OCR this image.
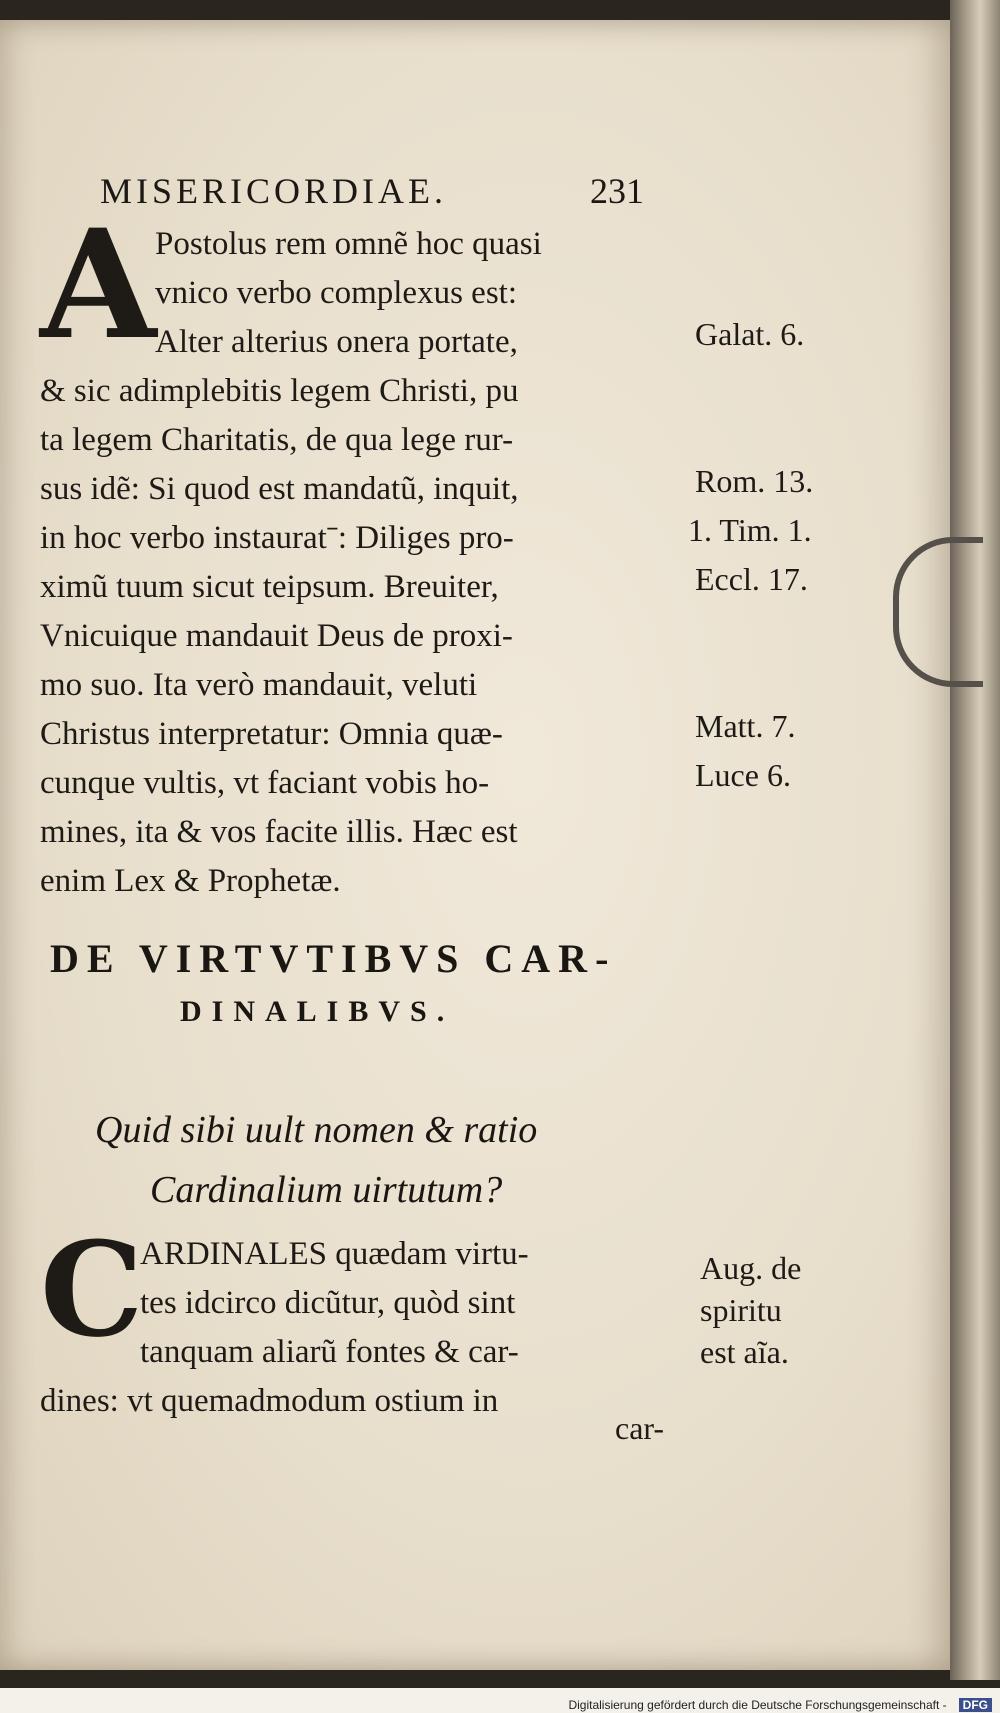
MISERICORDIAE.	231
A
Postolus rem omnẽ hoc quasi
vnico verbo complexus est:
Alter alterius onera portate,
& sic adimplebitis legem Christi, pu
ta legem Charitatis, de qua lege rur-
sus idẽ: Si quod est mandatũ, inquit,
in hoc verbo instauratˉ: Diliges pro-
ximũ tuum sicut teipsum. Breuiter,
Vnicuique mandauit Deus de proxi-
mo suo. Ita verò mandauit, veluti
Christus interpretatur: Omnia quæ-
cunque vultis, vt faciant vobis ho-
mines, ita & vos facite illis. Hæc est
enim Lex & Prophetæ.
Galat. 6.
Rom. 13.
1. Tim. 1.
Eccl. 17.
Matt. 7.
Luce 6.
DE VIRTVTIBVS CAR-
DINALIBVS.
Quid sibi uult nomen & ratio
Cardinalium uirtutum?
C
ARDINALES quædam virtu-
tes idcirco dicũtur, quòd sint
tanquam aliarũ fontes & car-
dines: vt quemadmodum ostium in
Aug. de
spiritu
est aĩa.
car-
Digitalisierung gefördert durch die Deutsche Forschungsgemeinschaft - DFG
